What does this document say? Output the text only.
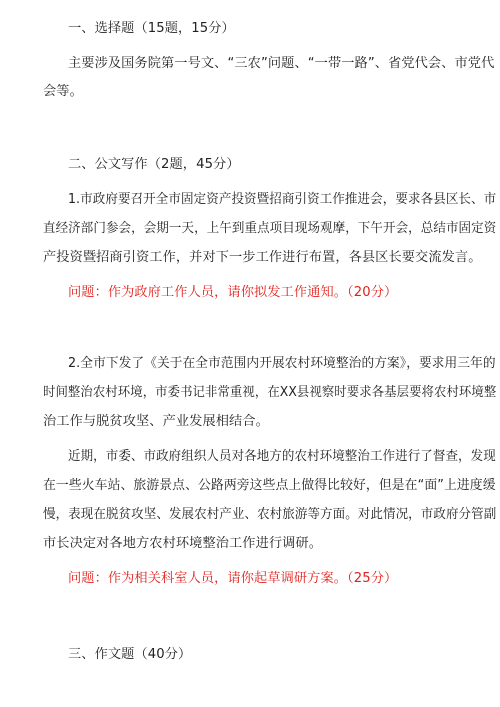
一、选择题（15题，15分）
主要涉及国务院第一号文、“三农”问题、“一带一路”、省党代会、市党代
会等。
二、公文写作（2题，45分）
1.市政府要召开全市固定资产投资暨招商引资工作推进会，要求各县区长、市
直经济部门参会，会期一天，上午到重点项目现场观摩，下午开会，总结市固定资
产投资暨招商引资工作，并对下一步工作进行布置，各县区长要交流发言。
问题：作为政府工作人员，请你拟发工作通知。（20分）
2.全市下发了《关于在全市范围内开展农村环境整治的方案》，要求用三年的
时间整治农村环境，市委书记非常重视，在XX县视察时要求各基层要将农村环境整
治工作与脱贫攻坚、产业发展相结合。
近期，市委、市政府组织人员对各地方的农村环境整治工作进行了督查，发现
在一些火车站、旅游景点、公路两旁这些点上做得比较好，但是在“面”上进度缓
慢，表现在脱贫攻坚、发展农村产业、农村旅游等方面。对此情况，市政府分管副
市长决定对各地方农村环境整治工作进行调研。
问题：作为相关科室人员，请你起草调研方案。（25分）
三、作文题（40分）
